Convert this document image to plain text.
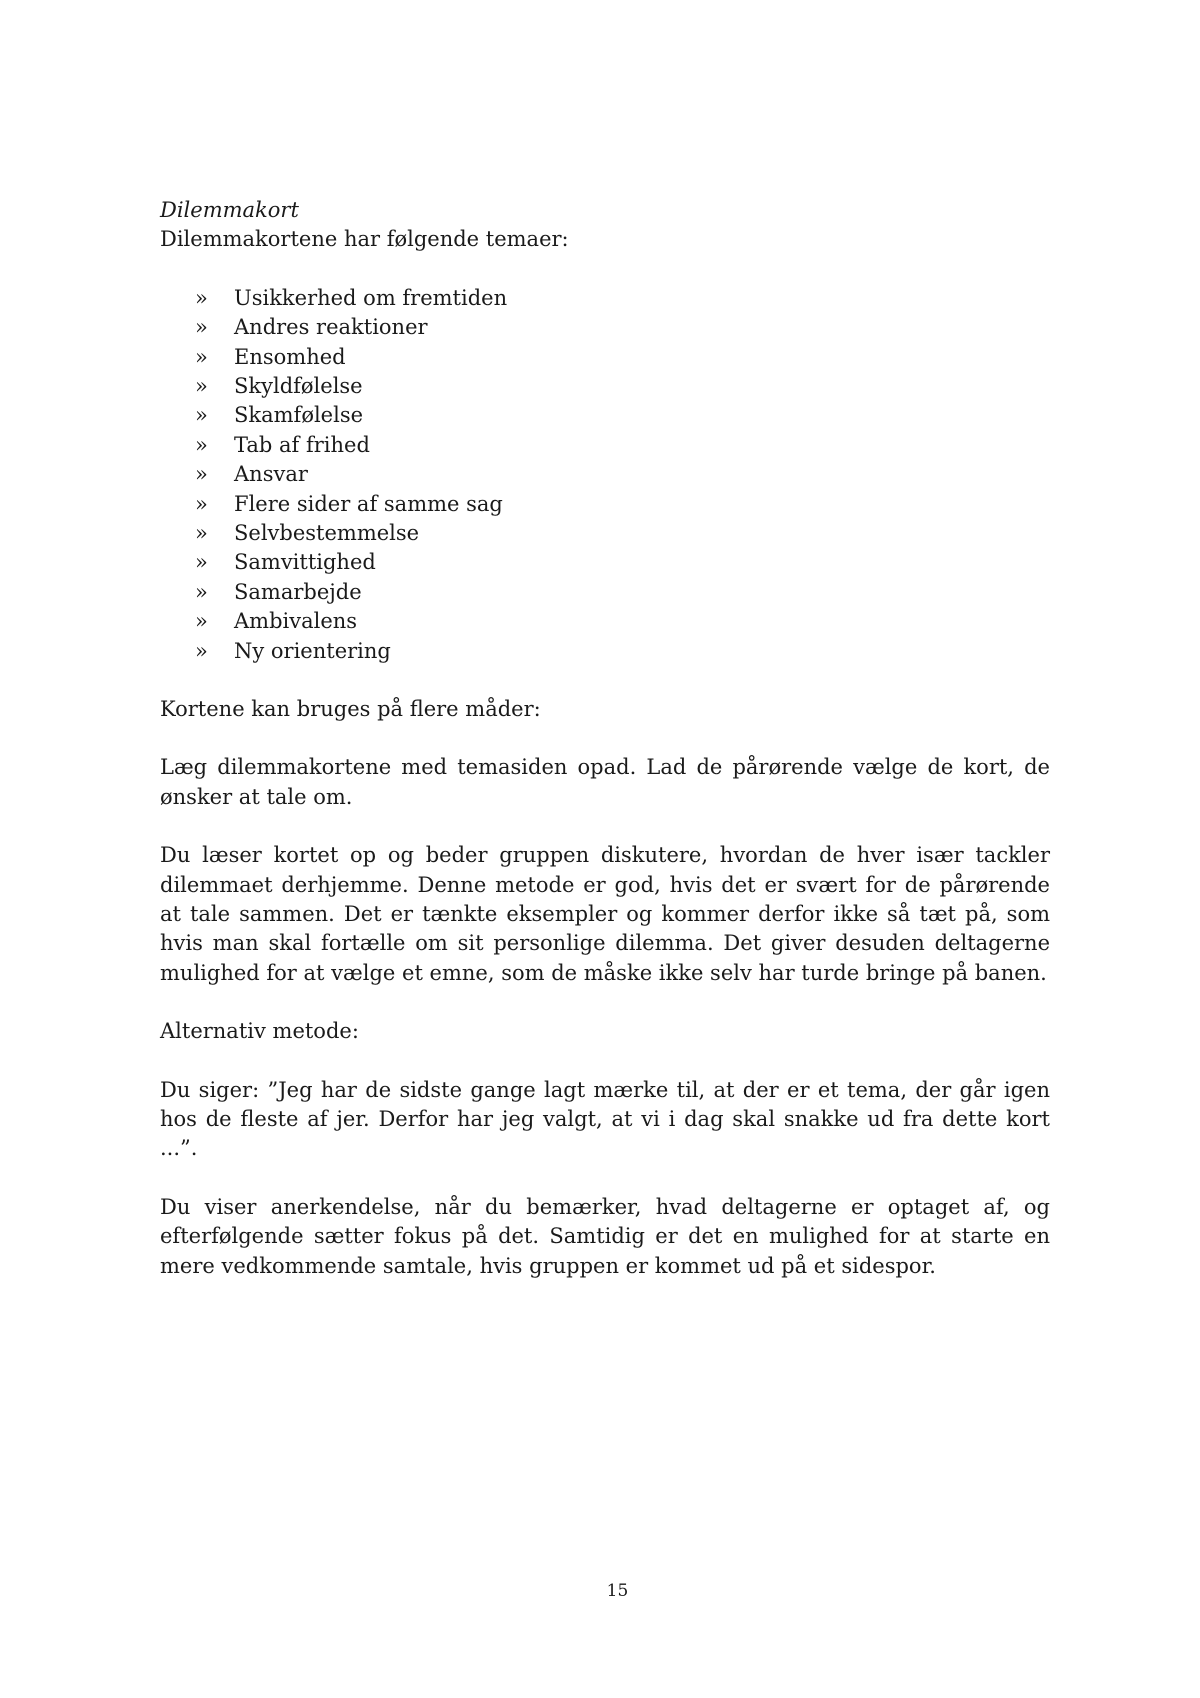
Dilemmakort

Dilemmakortene har følgende temaer:

» Usikkerhed om fremtiden
» Andres reaktioner
» Ensomhed
» Skyldfølelse
» Skamfølelse
» Tab af frihed
» Ansvar
» Flere sider af samme sag
» Selvbestemmelse
» Samvittighed
» Samarbejde
» Ambivalens
» Ny orientering

Kortene kan bruges på flere måder:

Læg dilemmakortene med temasiden opad. Lad de pårørende vælge de kort, de ønsker at tale om.

Du læser kortet op og beder gruppen diskutere, hvordan de hver især tackler dilemmaet derhjemme. Denne metode er god, hvis det er svært for de pårørende at tale sammen. Det er tænkte eksempler og kommer derfor ikke så tæt på, som hvis man skal fortælle om sit personlige dilemma. Det giver desuden deltagerne mulighed for at vælge et emne, som de måske ikke selv har turde bringe på banen.

Alternativ metode:

Du siger: ”Jeg har de sidste gange lagt mærke til, at der er et tema, der går igen hos de fleste af jer. Derfor har jeg valgt, at vi i dag skal snakke ud fra dette kort ...”.

Du viser anerkendelse, når du bemærker, hvad deltagerne er optaget af, og efterfølgende sætter fokus på det. Samtidig er det en mulighed for at starte en mere vedkommende samtale, hvis gruppen er kommet ud på et sidespor.

15
